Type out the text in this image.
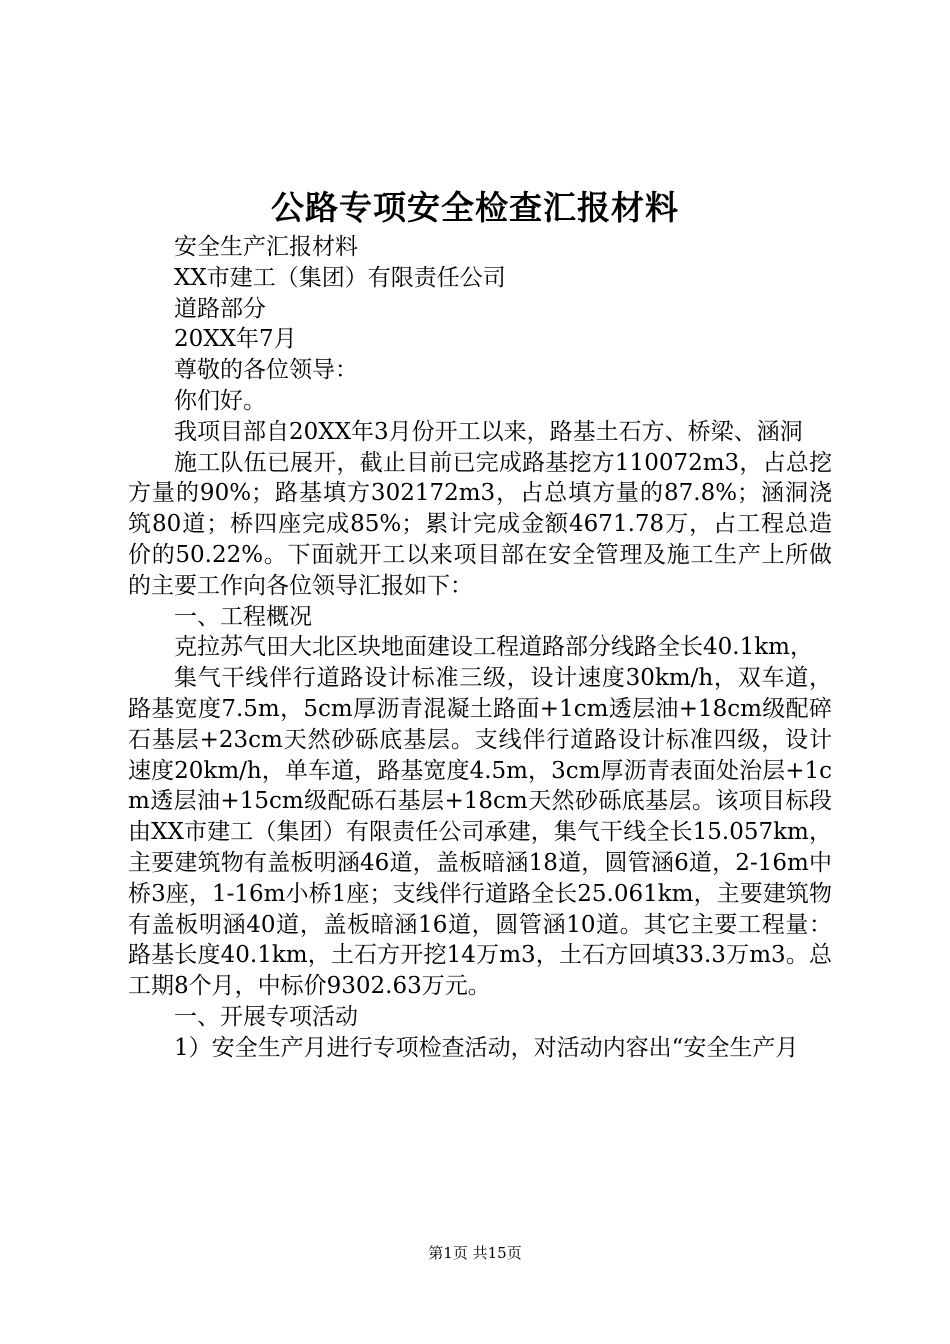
公路专项安全检查汇报材料

安全生产汇报材料

XX市建工（集团）有限责任公司

道路部分

20XX年7月

尊敬的各位领导：

你们好。

我项目部自20XX年3月份开工以来，路基土石方、桥梁、涵洞

施工队伍已展开，截止目前已完成路基挖方110072m3，占总挖方量的90%；路基填方302172m3，占总填方量的87.8%；涵洞浇筑80道；桥四座完成85%；累计完成金额4671.78万，占工程总造价的50.22%。下面就开工以来项目部在安全管理及施工生产上所做的主要工作向各位领导汇报如下：

一、工程概况

克拉苏气田大北区块地面建设工程道路部分线路全长40.1km，

集气干线伴行道路设计标准三级，设计速度30km/h，双车道，路基宽度7.5m，5cm厚沥青混凝土路面+1cm透层油+18cm级配碎石基层+23cm天然砂砾底基层。支线伴行道路设计标准四级，设计速度20km/h，单车道，路基宽度4.5m，3cm厚沥青表面处治层+1cm透层油+15cm级配砾石基层+18cm天然砂砾底基层。该项目标段由XX市建工（集团）有限责任公司承建，集气干线全长15.057km，主要建筑物有盖板明涵46道，盖板暗涵18道，圆管涵6道，2-16m中桥3座，1-16m小桥1座；支线伴行道路全长25.061km，主要建筑物有盖板明涵40道，盖板暗涵16道，圆管涵10道。其它主要工程量：路基长度40.1km，土石方开挖14万m3，土石方回填33.3万m3。总工期8个月，中标价9302.63万元。

一、开展专项活动

1）安全生产月进行专项检查活动，对活动内容出“安全生产月

第1页 共15页
